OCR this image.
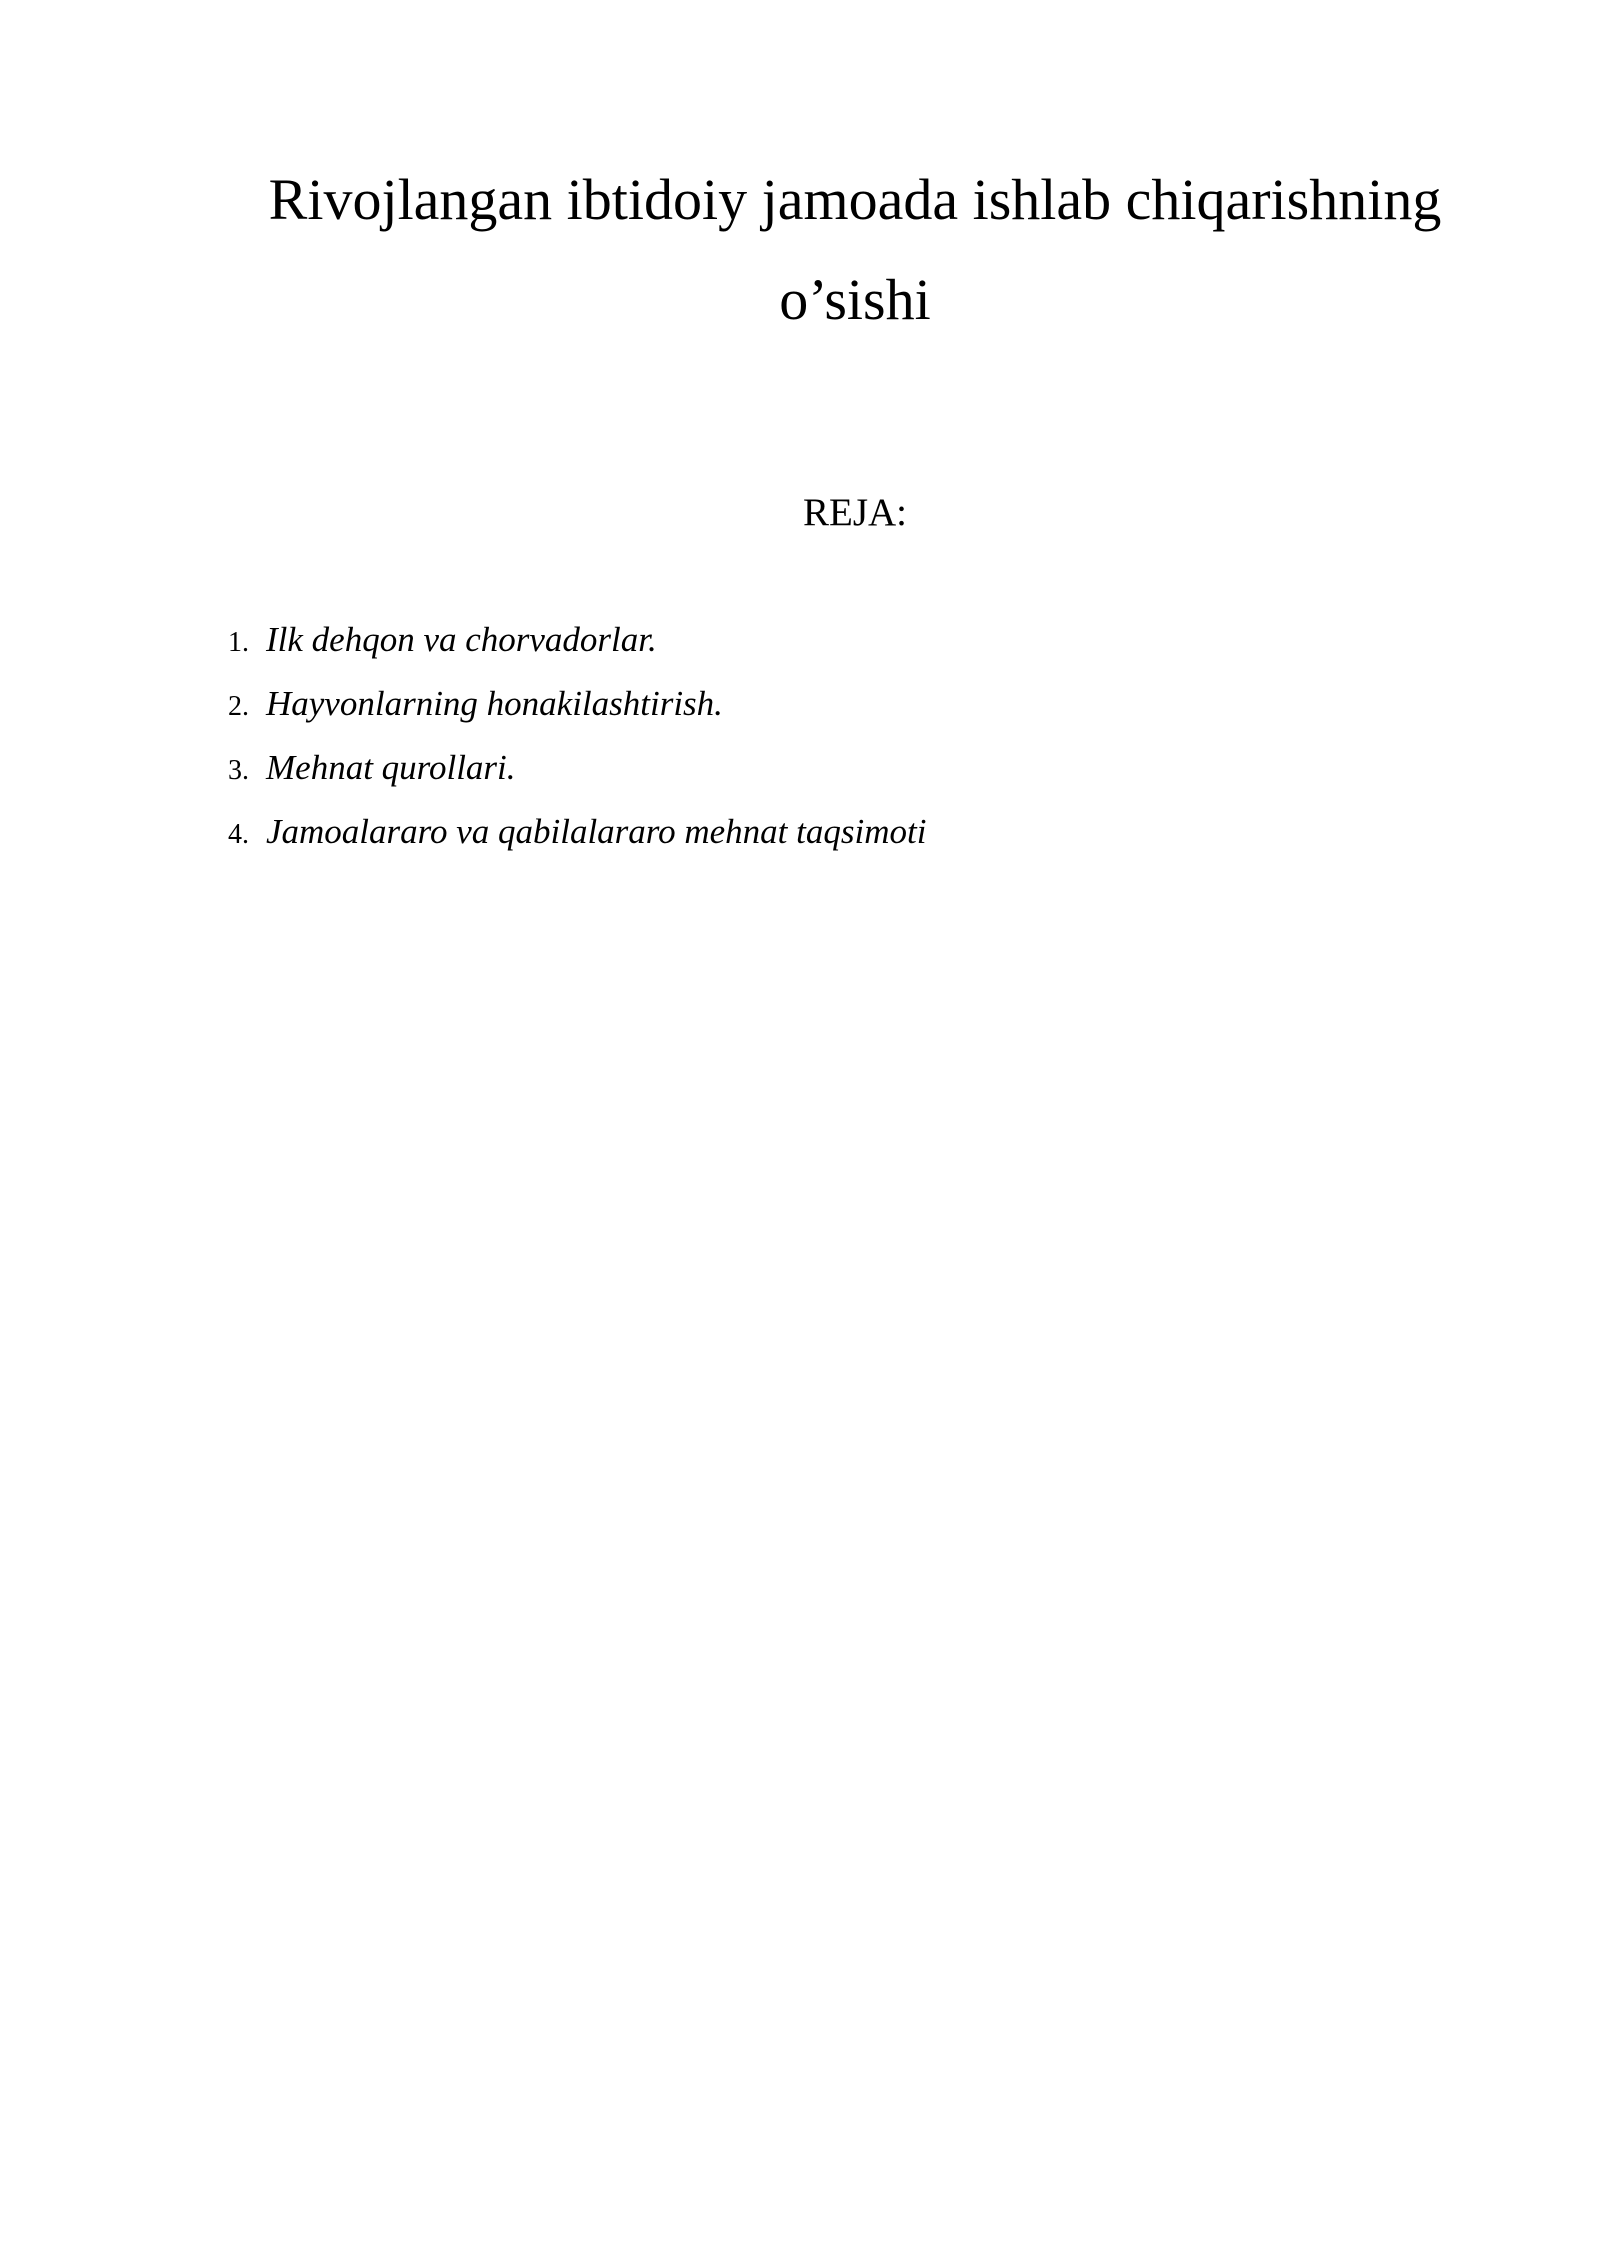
Rivojlangan ibtidoiy jamoada ishlab chiqarishning
o’sishi

REJA:

1. Ilk dehqon va chorvadorlar.
2. Hayvonlarning honakilashtirish.
3. Mehnat qurollari.
4. Jamoalararo va qabilalararo mehnat taqsimoti
